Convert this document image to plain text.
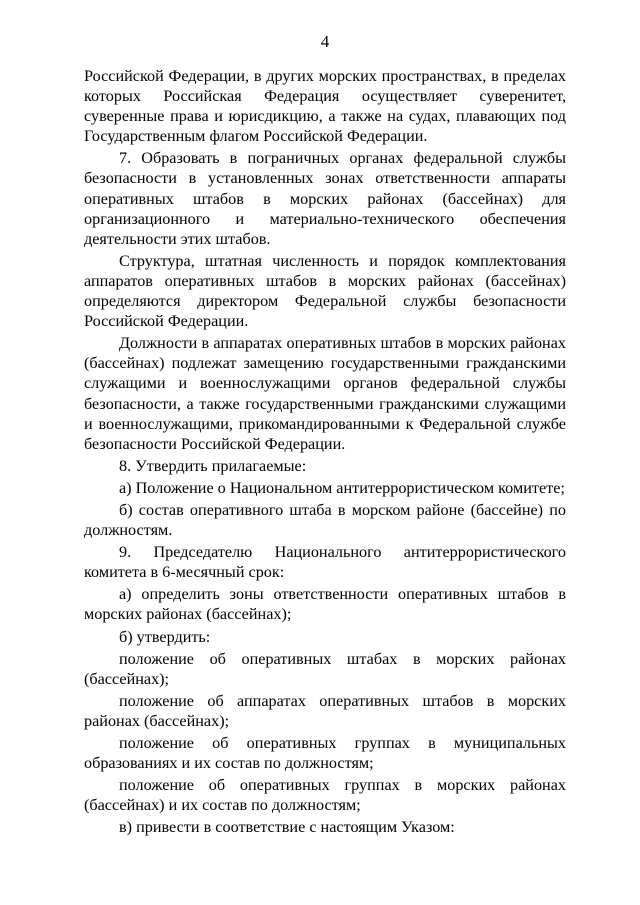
4

Российской Федерации, в других морских пространствах, в пределах которых Российская Федерация осуществляет суверенитет, суверенные права и юрисдикцию, а также на судах, плавающих под Государственным флагом Российской Федерации.

7. Образовать в пограничных органах федеральной службы безопасности в установленных зонах ответственности аппараты оперативных штабов в морских районах (бассейнах) для организационного и материально-технического обеспечения деятельности этих штабов.

Структура, штатная численность и порядок комплектования аппаратов оперативных штабов в морских районах (бассейнах) определяются директором Федеральной службы безопасности Российской Федерации.

Должности в аппаратах оперативных штабов в морских районах (бассейнах) подлежат замещению государственными гражданскими служащими и военнослужащими органов федеральной службы безопасности, а также государственными гражданскими служащими и военнослужащими, прикомандированными к Федеральной службе безопасности Российской Федерации.

8. Утвердить прилагаемые:

а) Положение о Национальном антитеррористическом комитете;

б) состав оперативного штаба в морском районе (бассейне) по должностям.

9. Председателю Национального антитеррористического комитета в 6-месячный срок:

а) определить зоны ответственности оперативных штабов в морских районах (бассейнах);

б) утвердить:

положение об оперативных штабах в морских районах (бассейнах);

положение об аппаратах оперативных штабов в морских районах (бассейнах);

положение об оперативных группах в муниципальных образованиях и их состав по должностям;

положение об оперативных группах в морских районах (бассейнах) и их состав по должностям;

в) привести в соответствие с настоящим Указом:
